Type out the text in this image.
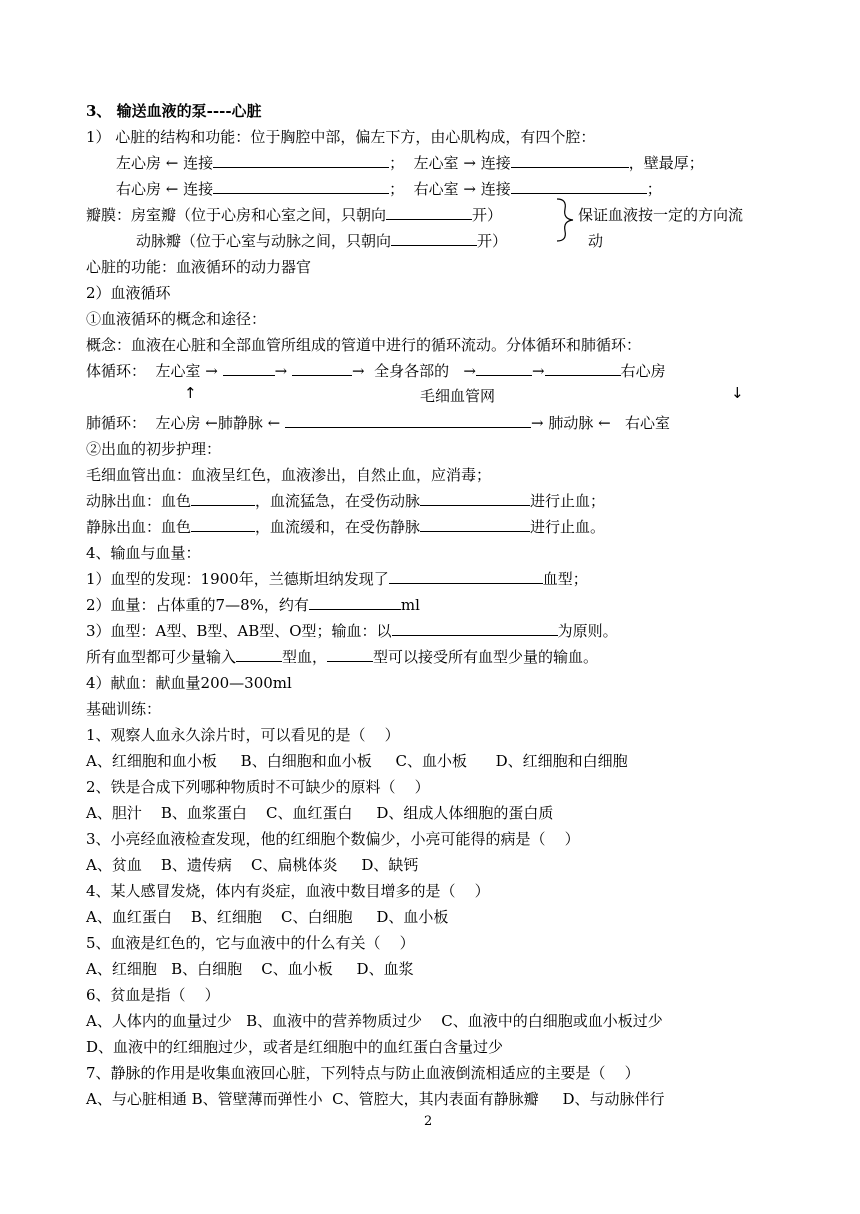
3、 输送血液的泵----心脏
1） 心脏的结构和功能：位于胸腔中部，偏左下方，由心肌构成，有四个腔：
左心房 ← 连接	；  左心室 → 连接	，壁最厚；
右心房 ← 连接	；  右心室 → 连接	；
瓣膜：房室瓣（位于心房和心室之间，只朝向	开）	保证血液按一定的方向流
动脉瓣（位于心室与动脉之间，只朝向	开）	动
心脏的功能：血液循环的动力器官
2）血液循环
①血液循环的概念和途径：
概念：血液在心脏和全部血管所组成的管道中进行的循环流动。分体循环和肺循环：
体循环：  左心室 →	→	→  全身各部的   →	→	右心房
↑	毛细血管网	↓
肺循环：  左心房 ←肺静脉 ←	→ 肺动脉 ←   右心室
②出血的初步护理：
毛细血管出血：血液呈红色，血液渗出，自然止血，应消毒；
动脉出血：血色	，血流猛急，在受伤动脉	进行止血；
静脉出血：血色	，血流缓和，在受伤静脉	进行止血。
4、输血与血量：
1）血型的发现：1900年，兰德斯坦纳发现了	血型；
2）血量：占体重的7—8%，约有	ml
3）血型：A型、B型、AB型、O型；输血：以	为原则。
所有血型都可少量输入	型血，	型可以接受所有血型少量的输血。
4）献血：献血量200—300ml
基础训练：
1、观察人血永久涂片时，可以看见的是（    ）
A、红细胞和血小板     B、白细胞和血小板     C、血小板      D、红细胞和白细胞
2、铁是合成下列哪种物质时不可缺少的原料（    ）
A、胆汁    B、血浆蛋白    C、血红蛋白     D、组成人体细胞的蛋白质
3、小亮经血液检查发现，他的红细胞个数偏少，小亮可能得的病是（    ）
A、贫血    B、遗传病    C、扁桃体炎     D、缺钙
4、某人感冒发烧，体内有炎症，血液中数目增多的是（    ）
A、血红蛋白    B、红细胞    C、白细胞     D、血小板
5、血液是红色的，它与血液中的什么有关（    ）
A、红细胞   B、白细胞    C、血小板     D、血浆
6、贫血是指（    ）
A、人体内的血量过少   B、血液中的营养物质过少    C、血液中的白细胞或血小板过少
D、血液中的红细胞过少，或者是红细胞中的血红蛋白含量过少
7、静脉的作用是收集血液回心脏，下列特点与防止血液倒流相适应的主要是（    ）
A、与心脏相通 B、管壁薄而弹性小  C、管腔大，其内表面有静脉瓣     D、与动脉伴行
2
